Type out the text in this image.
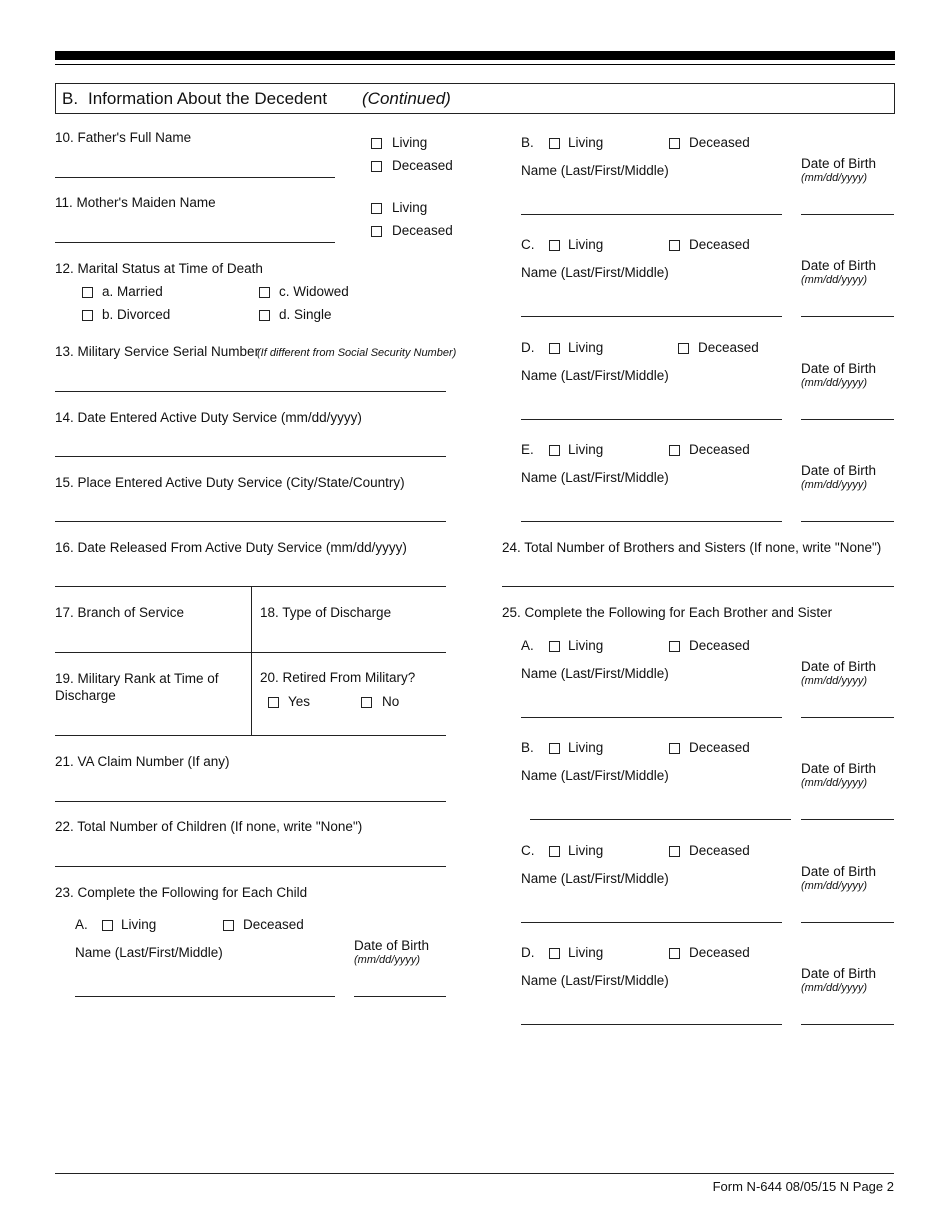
B. Information About the Decedent (Continued)
10. Father's Full Name	Living
Deceased
11. Mother's Maiden Name	Living
Deceased
12. Marital Status at Time of Death
a. Married
b. Divorced
c. Widowed
d. Single
13. Military Service Serial Number
(If different from Social Security Number)
14. Date Entered Active Duty Service (mm/dd/yyyy)
15. Place Entered Active Duty Service (City/State/Country)
16. Date Released From Active Duty Service (mm/dd/yyyy)
17. Branch of Service	18. Type of Discharge
19. Military Rank at Time of
Discharge
20. Retired From Military?
Yes	No
21. VA Claim Number (If any)
22. Total Number of Children (If none, write "None")
23. Complete the Following for Each Child
A. Living	Deceased
Name (Last/First/Middle)	Date of Birth
(mm/dd/yyyy)
B.	Living	Deceased
Name (Last/First/Middle)	Date of Birth
(mm/dd/yyyy)
C. Living	Deceased
Name (Last/First/Middle)	Date of Birth
(mm/dd/yyyy)
D. Living	Deceased
Name (Last/First/Middle)	Date of Birth
(mm/dd/yyyy)
E.	Living	Deceased
Name (Last/First/Middle)	Date of Birth
(mm/dd/yyyy)
24. Total Number of Brothers and Sisters (If none, write "None")
25. Complete the Following for Each Brother and Sister
A.	Living	Deceased
Name (Last/First/Middle)	Date of Birth
(mm/dd/yyyy)
B.	Living	Deceased
Name (Last/First/Middle)	Date of Birth
(mm/dd/yyyy)
C. Living	Deceased
Name (Last/First/Middle)	Date of Birth
(mm/dd/yyyy)
D. Living	Deceased
Name (Last/First/Middle)	Date of Birth
(mm/dd/yyyy)
Form N-644 08/05/15 N Page 2
